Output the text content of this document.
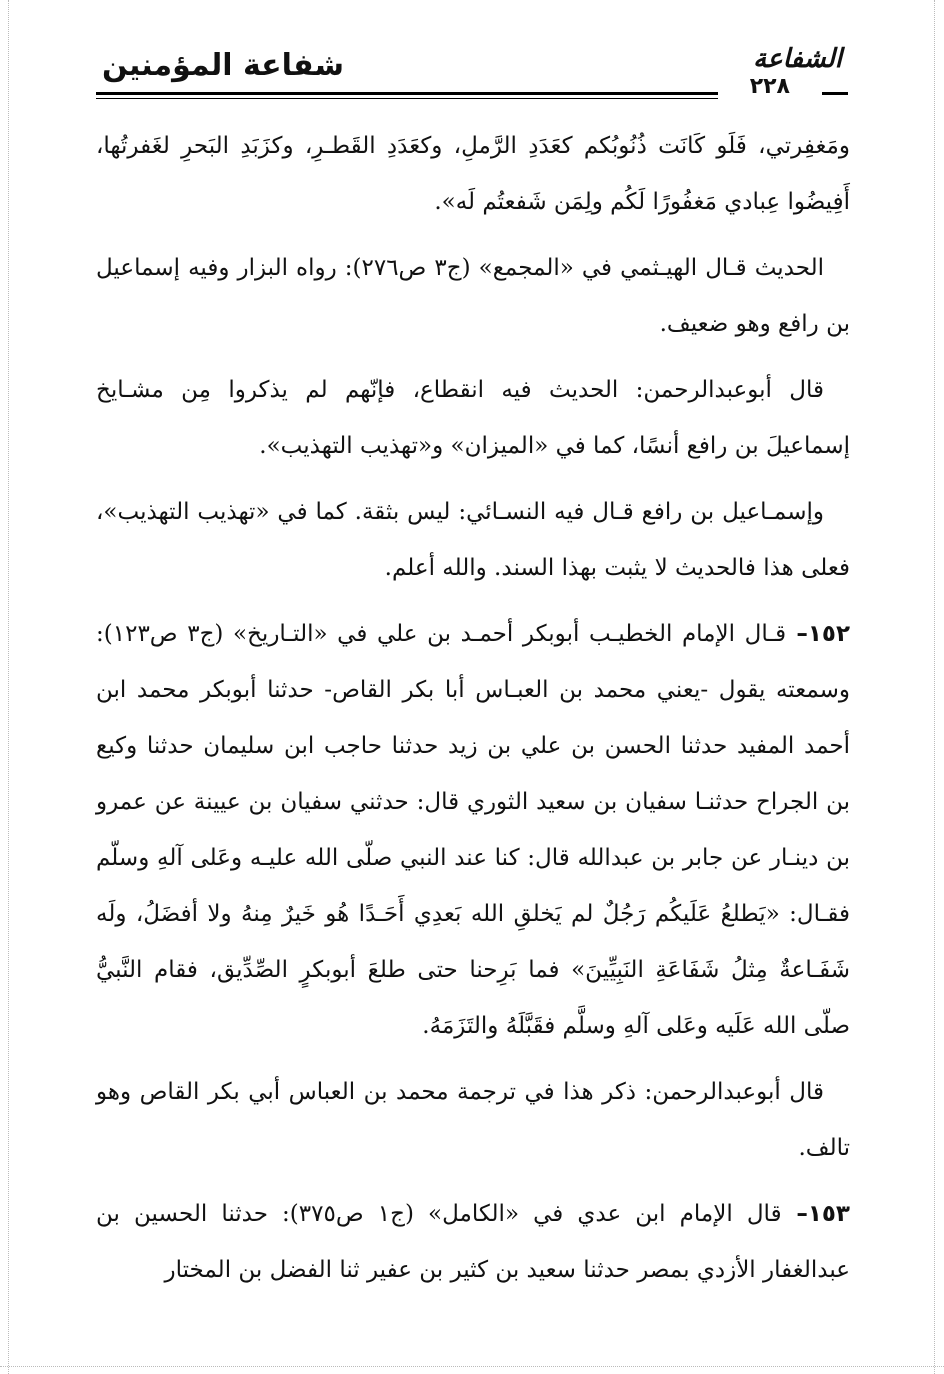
شفاعة المؤمنين	الشفاعة
٢٢٨

ومَغفِرتي، فَلَو كَانَت ذُنُوبُكم كعَدَدِ الرَّملِ، وكعَدَدِ القَطـرِ، وكزَبَدِ البَحرِ لغَفرتُها، أَفِيضُوا عِبادي مَغفُورًا لَكُم ولِمَن شَفعتُم لَه».

الحديث قـال الهيـثمي في «المجمع» (ج٣ ص٢٧٦): رواه البزار وفيه إسماعيل بن رافع وهو ضعيف.

قال أبوعبدالرحمن: الحديث فيه انقطاع، فإنّهم لم يذكروا مِن مشـايخ إسماعيلَ بن رافع أنسًا، كما في «الميزان» و«تهذيب التهذيب».

وإسمـاعيل بن رافع قـال فيه النسـائي: ليس بثقة. كما في «تهذيب التهذيب»، فعلى هذا فالحديث لا يثبت بهذا السند. والله أعلم.

١٥٢– قـال الإمام الخطيـب أبوبكر أحمـد بن علي في «التـاريخ» (ج٣ ص١٢٣): وسمعته يقول -يعني محمد بن العبـاس أبا بكر القاص- حدثنا أبوبكر محمد ابن أحمد المفيد حدثنا الحسن بن علي بن زيد حدثنا حاجب ابن سليمان حدثنا وكيع بن الجراح حدثنـا سفيان بن سعيد الثوري قال: حدثني سفيان بن عيينة عن عمرو بن دينـار عن جابر بن عبدالله قال: كنا عند النبي صلّى الله عليـه وعَلى آلهِ وسلّم فقـال: «يَطلعُ عَلَيكُم رَجُلٌ لم يَخلقِ الله بَعدِي أَحَـدًا هُو خَيرٌ مِنهُ ولا أفضَلُ، ولَه شَفَـاعةٌ مِثلُ شَفَاعَةِ النَبِيِّينَ» فما بَرِحنا حتى طلعَ أبوبكرٍ الصِّدِّيق، فقام النَّبيُّ صلّى الله عَلَيه وعَلى آلهِ وسلَّم فقَبَّلَهُ والتَزَمَهُ.

قال أبوعبدالرحمن: ذكر هذا في ترجمة محمد بن العباس أبي بكر القاص وهو تالف.

١٥٣– قال الإمام ابن عدي في «الكامل» (ج١ ص٣٧٥): حدثنا الحسين بن عبدالغفار الأزدي بمصر حدثنا سعيد بن كثير بن عفير ثنا الفضل بن المختار
